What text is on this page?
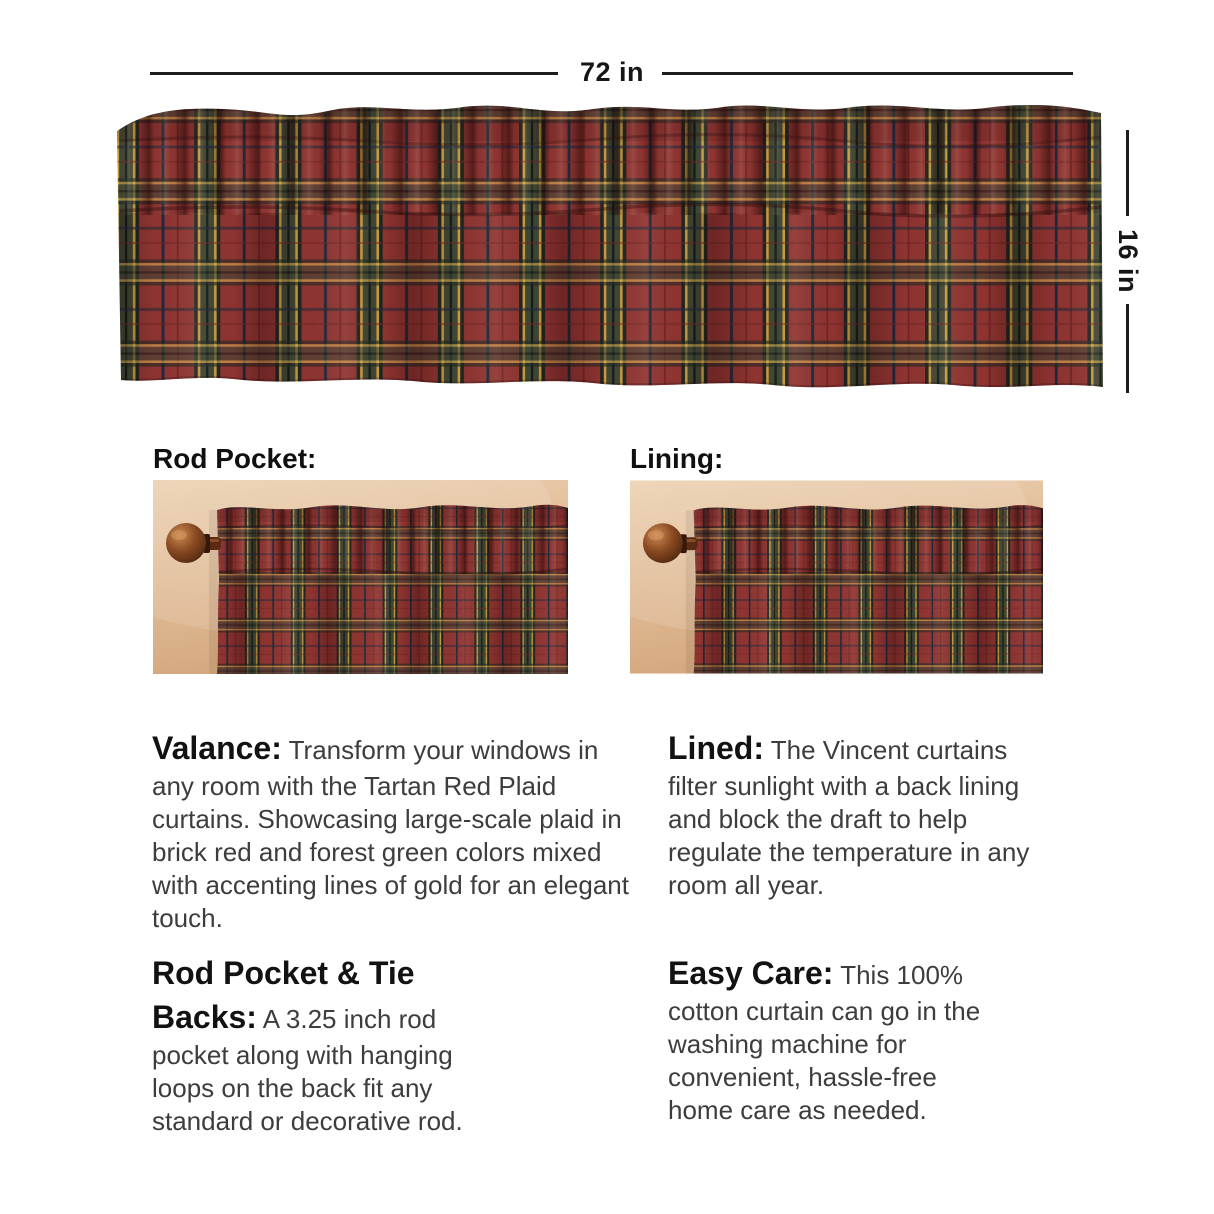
72 in
16 in
Rod Pocket:	Lining:

Valance: Transform your windows in any room with the Tartan Red Plaid curtains. Showcasing large-scale plaid in brick red and forest green colors mixed with accenting lines of gold for an elegant touch.

Lined: The Vincent curtains filter sunlight with a back lining and block the draft to help regulate the temperature in any room all year.

Rod Pocket & Tie Backs: A 3.25 inch rod pocket along with hanging loops on the back fit any standard or decorative rod.

Easy Care: This 100% cotton curtain can go in the washing machine for convenient, hassle-free home care as needed.
